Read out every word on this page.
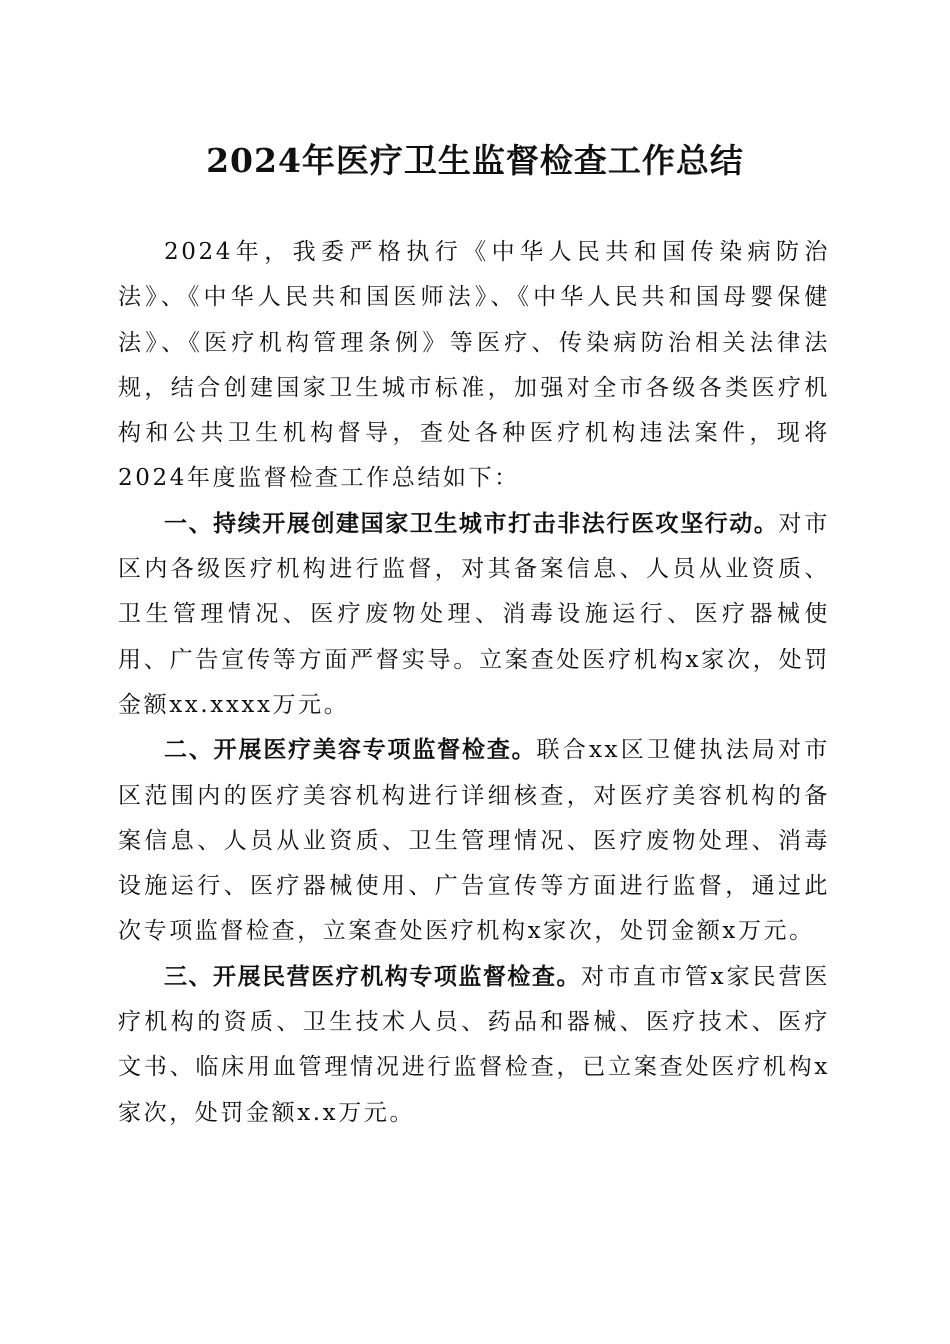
2024年医疗卫生监督检查工作总结

2024年，我委严格执行《中华人民共和国传染病防治法》、《中华人民共和国医师法》、《中华人民共和国母婴保健法》、《医疗机构管理条例》等医疗、传染病防治相关法律法规，结合创建国家卫生城市标准，加强对全市各级各类医疗机构和公共卫生机构督导，查处各种医疗机构违法案件，现将2024年度监督检查工作总结如下：

一、持续开展创建国家卫生城市打击非法行医攻坚行动。对市区内各级医疗机构进行监督，对其备案信息、人员从业资质、卫生管理情况、医疗废物处理、消毒设施运行、医疗器械使用、广告宣传等方面严督实导。立案查处医疗机构x家次，处罚金额xx.xxxx万元。

二、开展医疗美容专项监督检查。联合xx区卫健执法局对市区范围内的医疗美容机构进行详细核查，对医疗美容机构的备案信息、人员从业资质、卫生管理情况、医疗废物处理、消毒设施运行、医疗器械使用、广告宣传等方面进行监督，通过此次专项监督检查，立案查处医疗机构x家次，处罚金额x万元。

三、开展民营医疗机构专项监督检查。对市直市管x家民营医疗机构的资质、卫生技术人员、药品和器械、医疗技术、医疗文书、临床用血管理情况进行监督检查，已立案查处医疗机构x家次，处罚金额x.x万元。
